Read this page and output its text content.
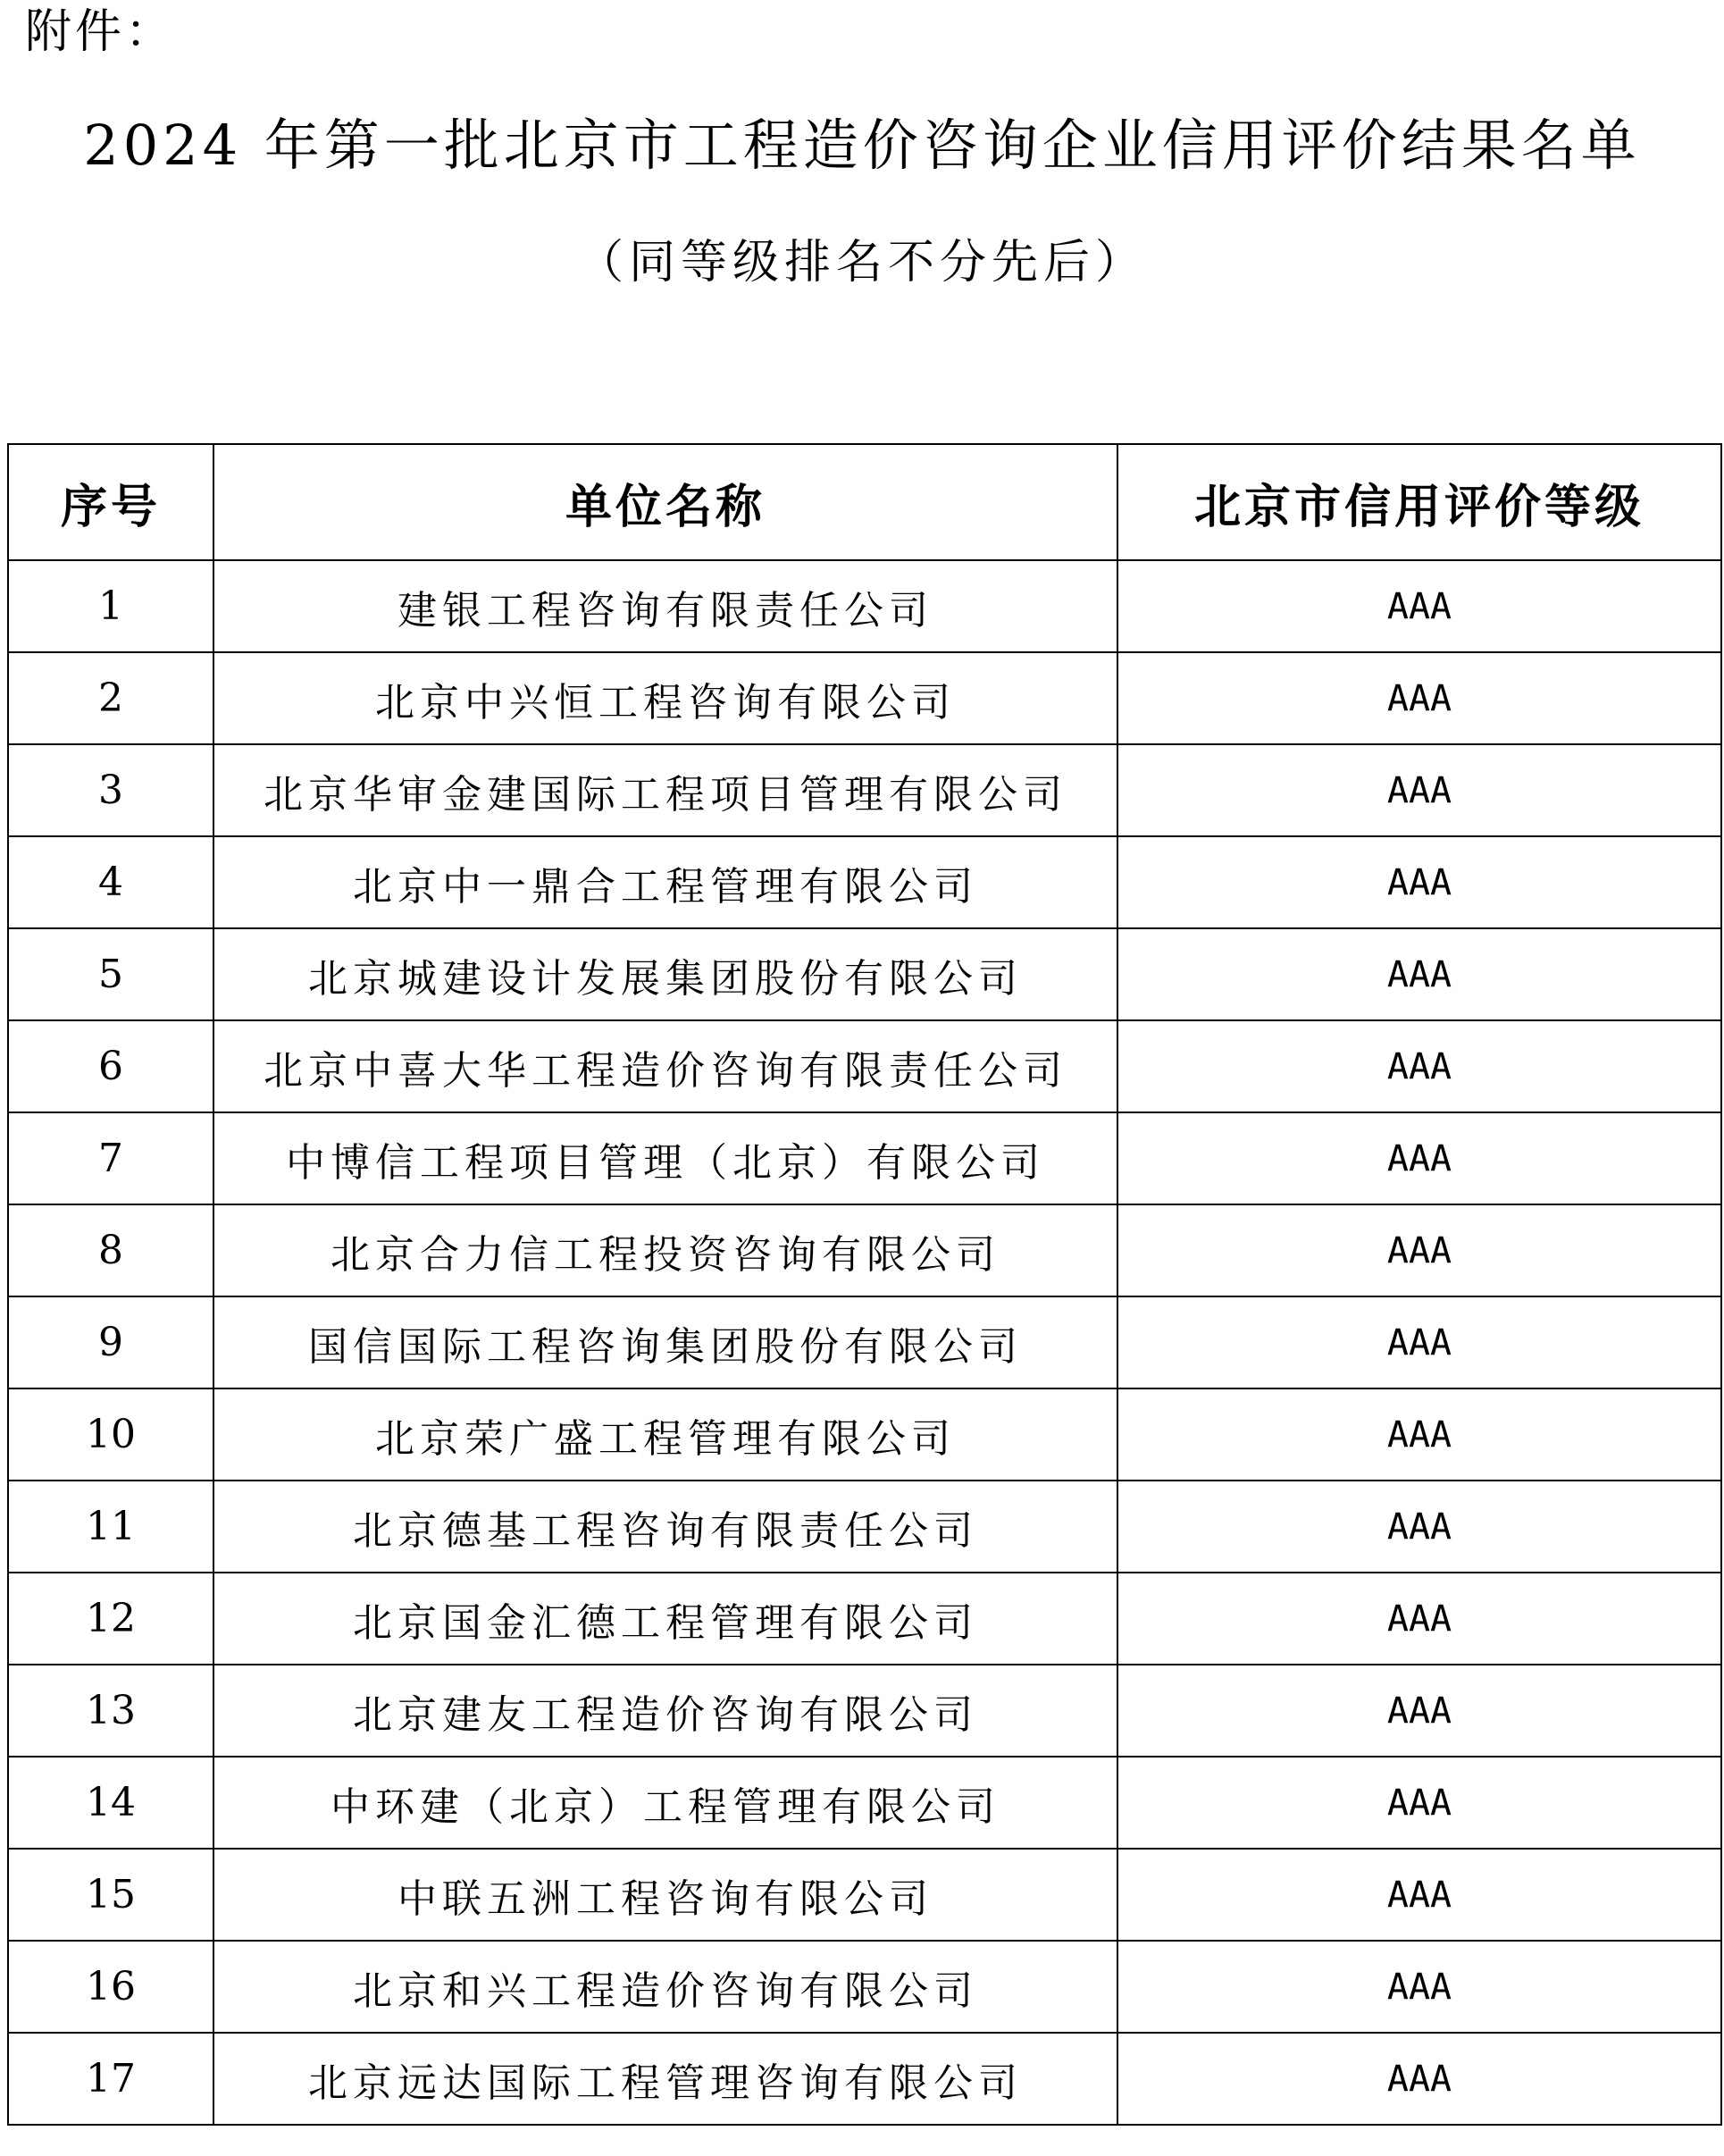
附件：
2024 年第一批北京市工程造价咨询企业信用评价结果名单
（同等级排名不分先后）
序号	单位名称	北京市信用评价等级
1	建银工程咨询有限责任公司	AAA
2	北京中兴恒工程咨询有限公司	AAA
3	北京华审金建国际工程项目管理有限公司	AAA
4	北京中一鼎合工程管理有限公司	AAA
5	北京城建设计发展集团股份有限公司	AAA
6	北京中喜大华工程造价咨询有限责任公司	AAA
7	中博信工程项目管理（北京）有限公司	AAA
8	北京合力信工程投资咨询有限公司	AAA
9	国信国际工程咨询集团股份有限公司	AAA
10	北京荣广盛工程管理有限公司	AAA
11	北京德基工程咨询有限责任公司	AAA
12	北京国金汇德工程管理有限公司	AAA
13	北京建友工程造价咨询有限公司	AAA
14	中环建（北京）工程管理有限公司	AAA
15	中联五洲工程咨询有限公司	AAA
16	北京和兴工程造价咨询有限公司	AAA
17	北京远达国际工程管理咨询有限公司	AAA
